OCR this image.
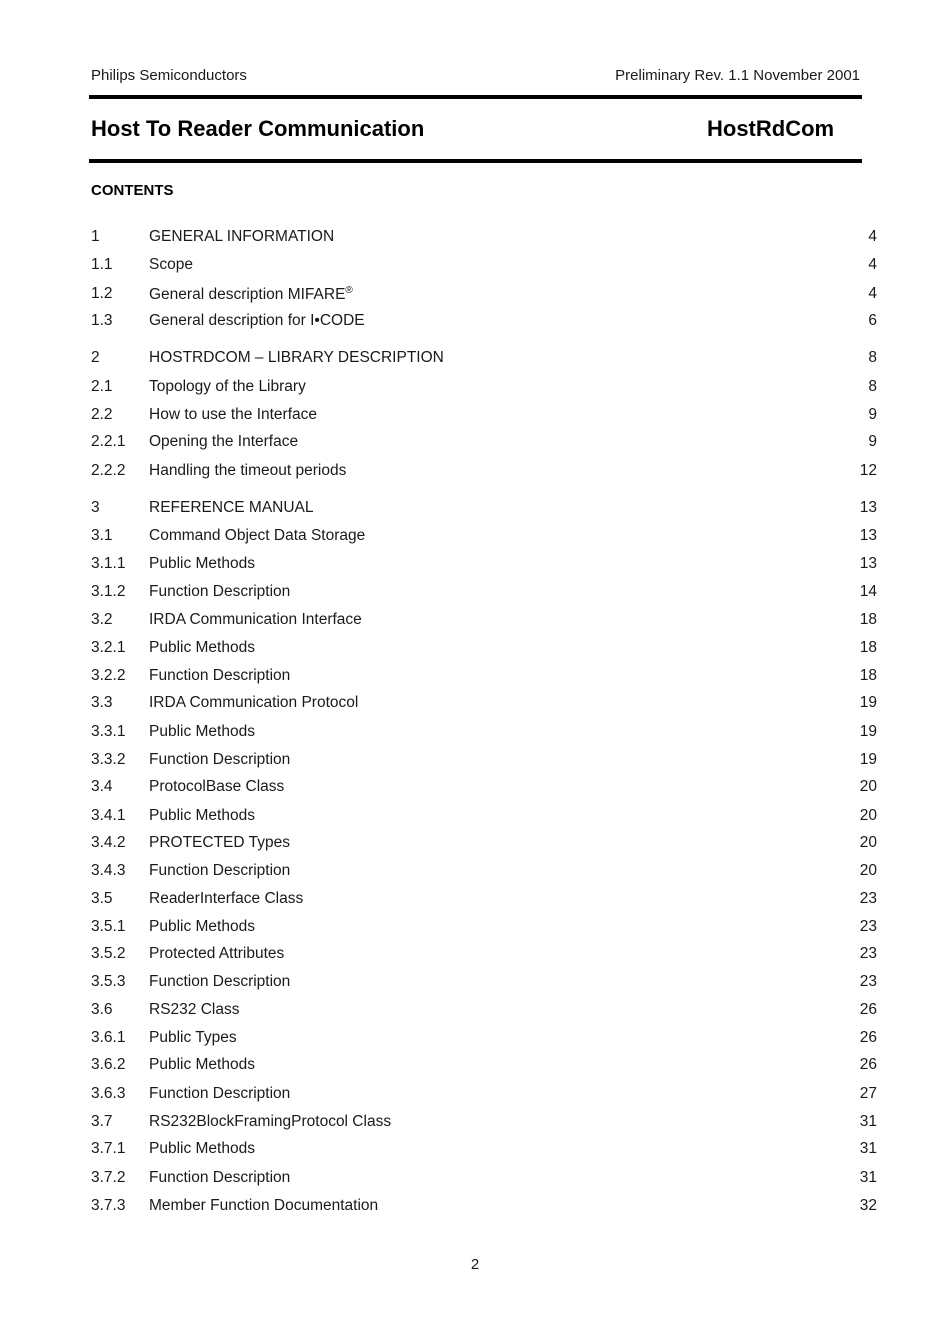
Philips Semiconductors	Preliminary Rev. 1.1 November 2001
Host To Reader Communication	HostRdCom
CONTENTS
1	GENERAL INFORMATION	4
1.1 Scope	4
1.2 General description MIFARE®	4
1.3 General description for I•CODE	6
2	HOSTRDCOM – LIBRARY DESCRIPTION	8
2.1 Topology of the Library	8
2.2 How to use the Interface	9
2.2.1 Opening the Interface	9
2.2.2 Handling the timeout periods	12
3	REFERENCE MANUAL	13
3.1 Command Object Data Storage	13
3.1.1 Public Methods	13
3.1.2 Function Description	14
3.2 IRDA Communication Interface	18
3.2.1 Public Methods	18
3.2.2 Function Description	18
3.3 IRDA Communication Protocol	19
3.3.1 Public Methods	19
3.3.2 Function Description	19
3.4 ProtocolBase Class	20
3.4.1 Public Methods	20
3.4.2 PROTECTED Types	20
3.4.3 Function Description	20
3.5 ReaderInterface Class	23
3.5.1 Public Methods	23
3.5.2 Protected Attributes	23
3.5.3 Function Description	23
3.6 RS232 Class	26
3.6.1 Public Types	26
3.6.2 Public Methods	26
3.6.3 Function Description	27
3.7 RS232BlockFramingProtocol Class	31
3.7.1 Public Methods	31
3.7.2 Function Description	31
3.7.3 Member Function Documentation	32
2
